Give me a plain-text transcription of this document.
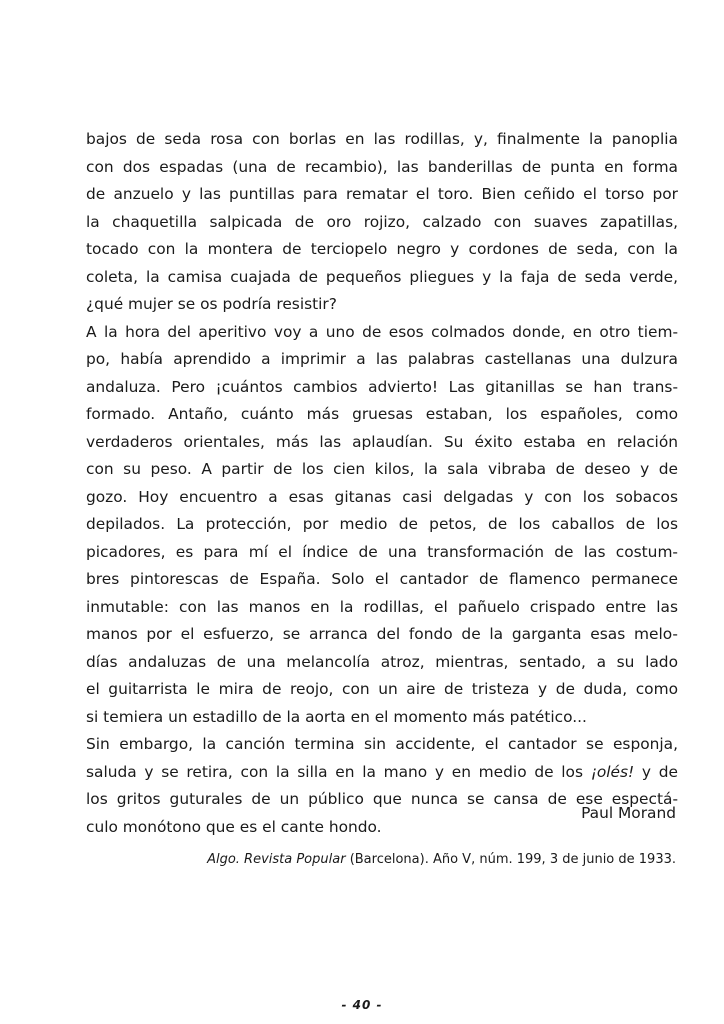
bajos de seda rosa con borlas en las rodillas, y, finalmente la panoplia
con dos espadas (una de recambio), las banderillas de punta en forma
de anzuelo y las puntillas para rematar el toro. Bien ceñido el torso por
la chaquetilla salpicada de oro rojizo, calzado con suaves zapatillas,
tocado con la montera de terciopelo negro y cordones de seda, con la
coleta, la camisa cuajada de pequeños pliegues y la faja de seda verde,
¿qué mujer se os podría resistir?
A la hora del aperitivo voy a uno de esos colmados donde, en otro tiem-
po, había aprendido a imprimir a las palabras castellanas una dulzura
andaluza. Pero ¡cuántos cambios advierto! Las gitanillas se han trans-
formado. Antaño, cuánto más gruesas estaban, los españoles, como
verdaderos orientales, más las aplaudían. Su éxito estaba en relación
con su peso. A partir de los cien kilos, la sala vibraba de deseo y de
gozo. Hoy encuentro a esas gitanas casi delgadas y con los sobacos
depilados. La protección, por medio de petos, de los caballos de los
picadores, es para mí el índice de una transformación de las costum-
bres pintorescas de España. Solo el cantador de flamenco permanece
inmutable: con las manos en la rodillas, el pañuelo crispado entre las
manos por el esfuerzo, se arranca del fondo de la garganta esas melo-
días andaluzas de una melancolía atroz, mientras, sentado, a su lado
el guitarrista le mira de reojo, con un aire de tristeza y de duda, como
si temiera un estadillo de la aorta en el momento más patético...
Sin embargo, la canción termina sin accidente, el cantador se esponja,
saluda y se retira, con la silla en la mano y en medio de los ¡olés! y de
los gritos guturales de un público que nunca se cansa de ese espectá-
culo monótono que es el cante hondo.
Paul Morand
Algo. Revista Popular (Barcelona). Año V, núm. 199, 3 de junio de 1933.
- 40 -
